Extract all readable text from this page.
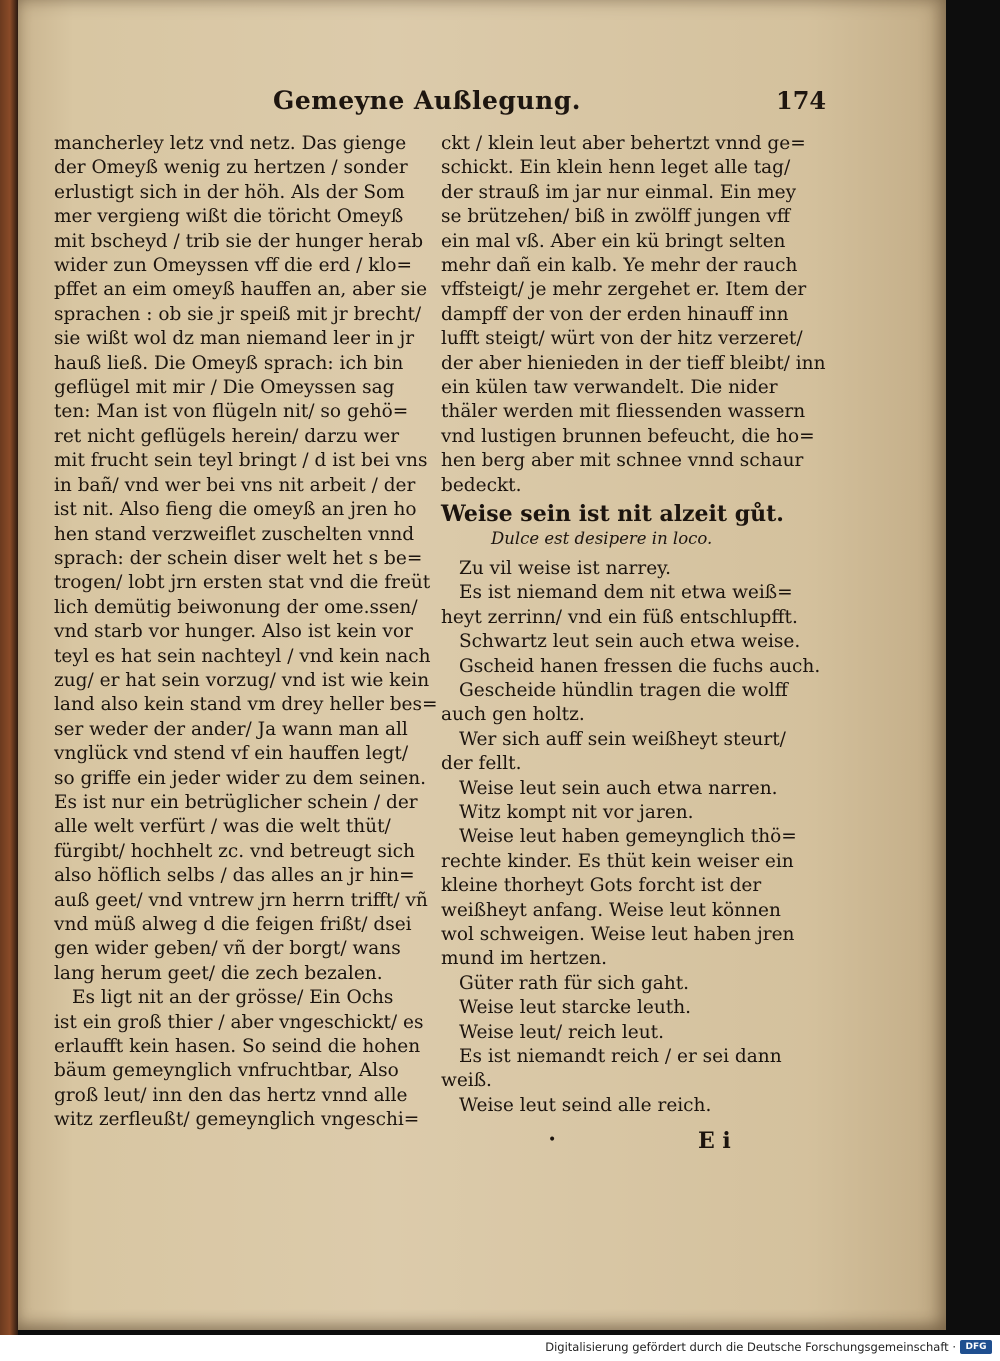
Gemeyne Außlegung.	174

mancherley letz vnd netz. Das gienge

der Omeyß wenig zu hertzen / sonder

erlustigt sich in der höh. Als der Som

mer vergieng wißt die töricht Omeyß

mit bscheyd / trib sie der hunger herab

wider zun Omeyssen vff die erd / klo=

pffet an eim omeyß hauffen an, aber sie

sprachen : ob sie jr speiß mit jr brecht/

sie wißt wol dz man niemand leer in jr

hauß ließ. Die Omeyß sprach: ich bin

geflügel mit mir / Die Omeyssen sag

ten: Man ist von flügeln nit/ so gehö=

ret nicht geflügels herein/ darzu wer

mit frucht sein teyl bringt / d ist bei vns

in bañ/ vnd wer bei vns nit arbeit / der

ist nit. Also fieng die omeyß an jren ho

hen stand verzweiflet zuschelten vnnd

sprach: der schein diser welt het s be=

trogen/ lobt jrn ersten stat vnd die freüt

lich demütig beiwonung der ome.ssen/

vnd starb vor hunger. Also ist kein vor

teyl es hat sein nachteyl / vnd kein nach

zug/ er hat sein vorzug/ vnd ist wie kein

land also kein stand vm drey heller bes=

ser weder der ander/ Ja wann man all

vnglück vnd stend vf ein hauffen legt/

so griffe ein jeder wider zu dem seinen.

Es ist nur ein betrüglicher schein / der

alle welt verfürt / was die welt thüt/

fürgibt/ hochhelt zc. vnd betreugt sich

also höflich selbs / das alles an jr hin=

auß geet/ vnd vntrew jrn herrn trifft/ vñ

vnd müß alweg d die feigen frißt/ dsei

gen wider geben/ vñ der borgt/ wans

lang herum geet/ die zech bezalen.

Es ligt nit an der grösse/ Ein Ochs

ist ein groß thier / aber vngeschickt/ es

erlaufft kein hasen. So seind die hohen

bäum gemeynglich vnfruchtbar, Also

groß leut/ inn den das hertz vnnd alle

witz zerfleußt/ gemeynglich vngeschi=

ckt / klein leut aber behertzt vnnd ge=

schickt. Ein klein henn leget alle tag/

der strauß im jar nur einmal. Ein mey

se brützehen/ biß in zwölff jungen vff

ein mal vß. Aber ein kü bringt selten

mehr dañ ein kalb. Ye mehr der rauch

vffsteigt/ je mehr zergehet er. Item der

dampff der von der erden hinauff inn

lufft steigt/ würt von der hitz verzeret/

der aber hienieden in der tieff bleibt/ inn

ein külen taw verwandelt. Die nider

thäler werden mit fliessenden wassern

vnd lustigen brunnen befeucht, die ho=

hen berg aber mit schnee vnnd schaur

bedeckt.

Weise sein ist nit alzeit gůt.

Dulce est desipere in loco.

Zu vil weise ist narrey.

Es ist niemand dem nit etwa weiß=

heyt zerrinn/ vnd ein füß entschlupfft.

Schwartz leut sein auch etwa weise.

Gscheid hanen fressen die fuchs auch.

Gescheide hündlin tragen die wolff

auch gen holtz.

Wer sich auff sein weißheyt steurt/

der fellt.

Weise leut sein auch etwa narren.

Witz kompt nit vor jaren.

Weise leut haben gemeynglich thö=

rechte kinder. Es thüt kein weiser ein

kleine thorheyt Gots forcht ist der

weißheyt anfang. Weise leut können

wol schweigen. Weise leut haben jren

mund im hertzen.

Güter rath für sich gaht.

Weise leut starcke leuth.

Weise leut/ reich leut.

Es ist niemandt reich / er sei dann

weiß.

Weise leut seind alle reich.

•	E i
Digitalisierung gefördert durch die Deutsche Forschungsgemeinschaft ·	DFG
